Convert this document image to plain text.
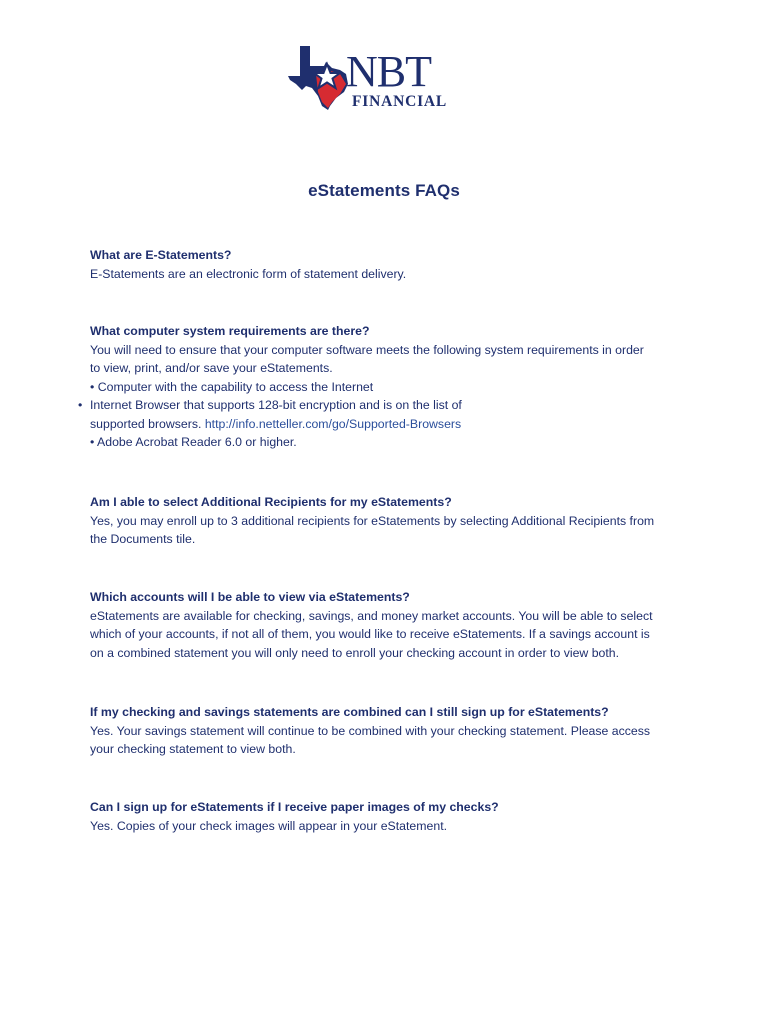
NBT
FINANCIAL
eStatements FAQs
What are E-Statements?
E-Statements are an electronic form of statement delivery.
What computer system requirements are there?
You will need to ensure that your computer software meets the following system requirements in order
to view, print, and/or save your eStatements.
• Computer with the capability to access the Internet
• Internet Browser that supports 128-bit encryption and is on the list of
supported browsers. http://info.netteller.com/go/Supported-Browsers
• Adobe Acrobat Reader 6.0 or higher.
Am I able to select Additional Recipients for my eStatements?
Yes, you may enroll up to 3 additional recipients for eStatements by selecting Additional Recipients from
the Documents tile.
Which accounts will I be able to view via eStatements?
eStatements are available for checking, savings, and money market accounts. You will be able to select
which of your accounts, if not all of them, you would like to receive eStatements. If a savings account is
on a combined statement you will only need to enroll your checking account in order to view both.
If my checking and savings statements are combined can I still sign up for eStatements?
Yes. Your savings statement will continue to be combined with your checking statement. Please access
your checking statement to view both.
Can I sign up for eStatements if I receive paper images of my checks?
Yes. Copies of your check images will appear in your eStatement.
